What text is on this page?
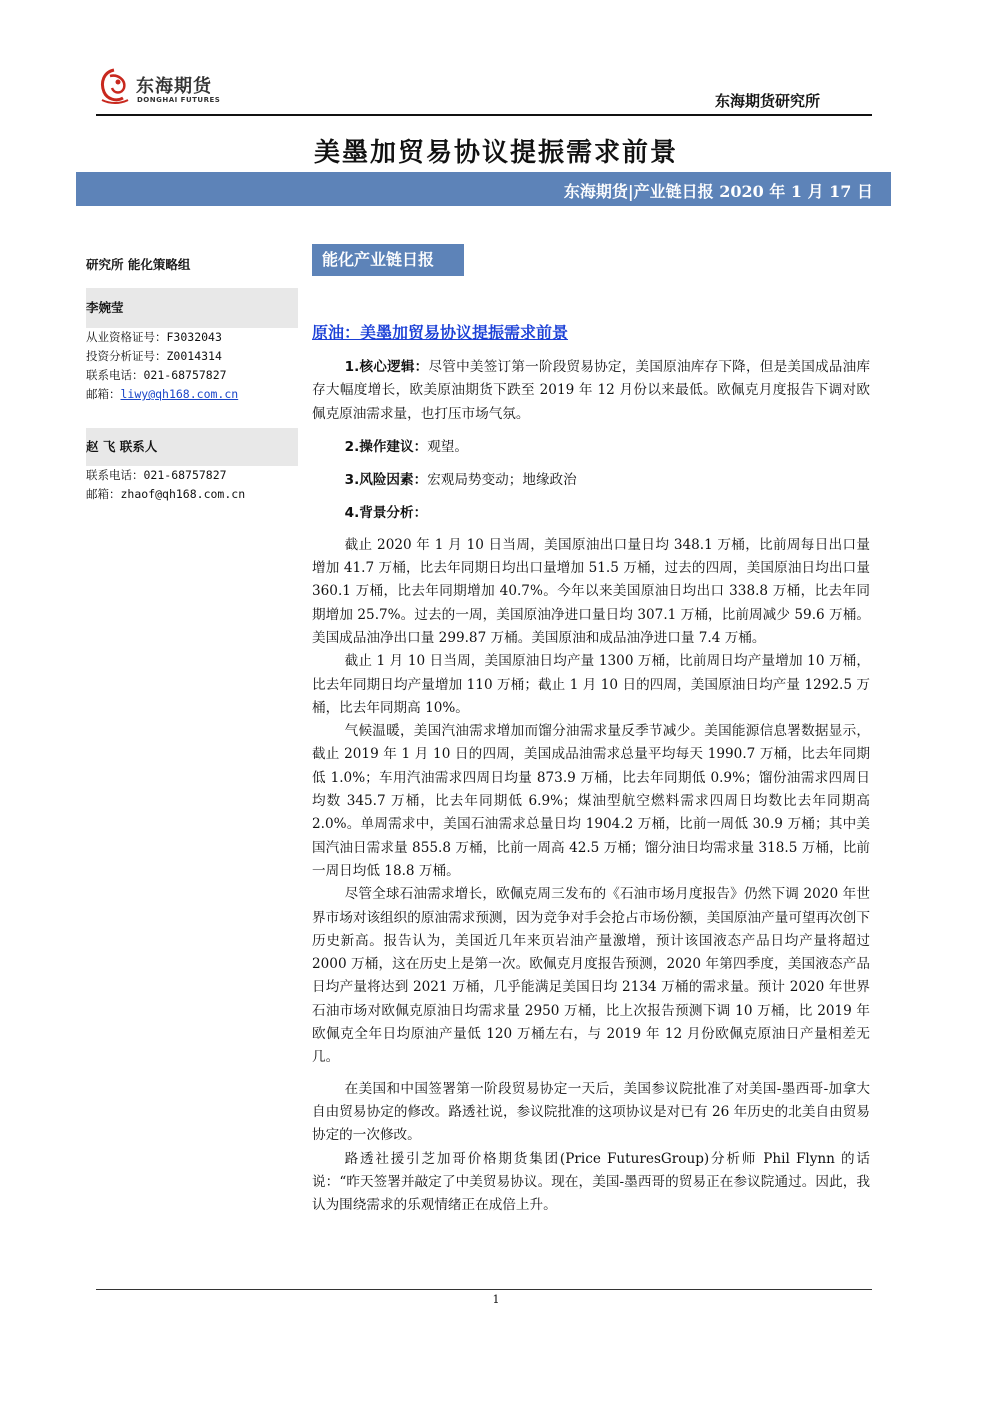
东海期货
DONGHAI FUTURES	东海期货研究所
美墨加贸易协议提振需求前景
东海期货|产业链日报 2020 年 1 月 17 日
研究所 能化策略组
李婉莹
从业资格证号：F3032043
投资分析证号：Z0014314
联系电话：021-68757827
邮箱：liwy@qh168.com.cn
赵 飞 联系人
联系电话：021-68757827
邮箱：zhaof@qh168.com.cn
能化产业链日报
原油：美墨加贸易协议提振需求前景

1.核心逻辑：尽管中美签订第一阶段贸易协定，美国原油库存下降，但是美国成品油库存大幅度增长，欧美原油期货下跌至 2019 年 12 月份以来最低。欧佩克月度报告下调对欧佩克原油需求量，也打压市场气氛。

2.操作建议：观望。

3.风险因素：宏观局势变动；地缘政治

4.背景分析：

截止 2020 年 1 月 10 日当周，美国原油出口量日均 348.1 万桶，比前周每日出口量增加 41.7 万桶，比去年同期日均出口量增加 51.5 万桶，过去的四周，美国原油日均出口量 360.1 万桶，比去年同期增加 40.7%。今年以来美国原油日均出口 338.8 万桶，比去年同期增加 25.7%。过去的一周，美国原油净进口量日均 307.1 万桶，比前周减少 59.6 万桶。美国成品油净出口量 299.87 万桶。美国原油和成品油净进口量 7.4 万桶。

截止 1 月 10 日当周，美国原油日均产量 1300 万桶，比前周日均产量增加 10 万桶，比去年同期日均产量增加 110 万桶；截止 1 月 10 日的四周，美国原油日均产量 1292.5 万桶，比去年同期高 10%。

气候温暖，美国汽油需求增加而馏分油需求量反季节减少。美国能源信息署数据显示，截止 2019 年 1 月 10 日的四周，美国成品油需求总量平均每天 1990.7 万桶，比去年同期低 1.0%；车用汽油需求四周日均量 873.9 万桶，比去年同期低 0.9%；馏份油需求四周日均数 345.7 万桶，比去年同期低 6.9%；煤油型航空燃料需求四周日均数比去年同期高 2.0%。单周需求中，美国石油需求总量日均 1904.2 万桶，比前一周低 30.9 万桶；其中美国汽油日需求量 855.8 万桶，比前一周高 42.5 万桶；馏分油日均需求量 318.5 万桶，比前一周日均低 18.8 万桶。

尽管全球石油需求增长，欧佩克周三发布的《石油市场月度报告》仍然下调 2020 年世界市场对该组织的原油需求预测，因为竞争对手会抢占市场份额，美国原油产量可望再次创下历史新高。报告认为，美国近几年来页岩油产量激增，预计该国液态产品日均产量将超过 2000 万桶，这在历史上是第一次。欧佩克月度报告预测，2020 年第四季度，美国液态产品日均产量将达到 2021 万桶，几乎能满足美国日均 2134 万桶的需求量。预计 2020 年世界石油市场对欧佩克原油日均需求量 2950 万桶，比上次报告预测下调 10 万桶，比 2019 年欧佩克全年日均原油产量低 120 万桶左右，与 2019 年 12 月份欧佩克原油日产量相差无几。

在美国和中国签署第一阶段贸易协定一天后，美国参议院批准了对美国-墨西哥-加拿大自由贸易协定的修改。路透社说，参议院批准的这项协议是对已有 26 年历史的北美自由贸易协定的一次修改。

路透社援引芝加哥价格期货集团(Price FuturesGroup)分析师 Phil Flynn 的话说：“昨天签署并敲定了中美贸易协议。现在，美国-墨西哥的贸易正在参议院通过。因此，我认为围绕需求的乐观情绪正在成倍上升。

1
